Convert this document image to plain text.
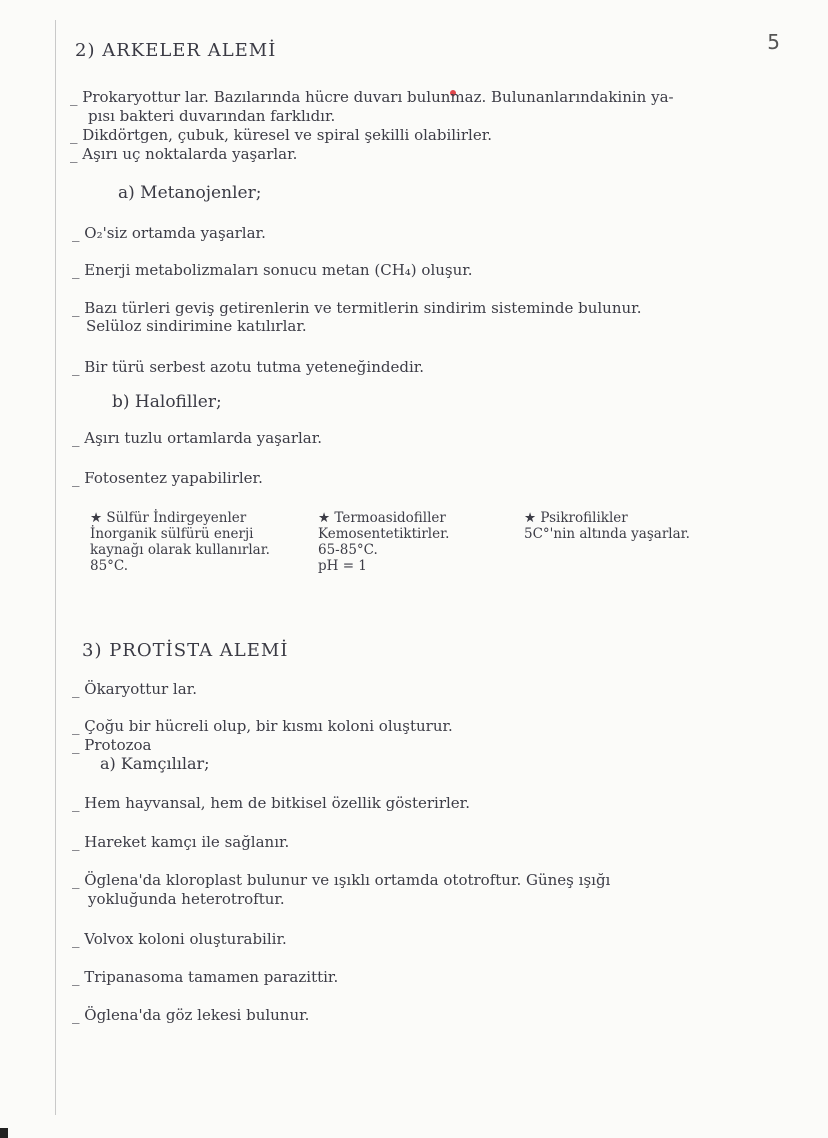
5
2) ARKELER ALEMİ
_ Prokaryottur lar. Bazılarında hücre duvarı bulunmaz. Bulunanlarındakinin ya-
pısı bakteri duvarından farklıdır.
_ Dikdörtgen, çubuk, küresel ve spiral şekilli olabilirler.
_ Aşırı uç noktalarda yaşarlar.
a) Metanojenler;
_ O₂'siz ortamda yaşarlar.
_ Enerji metabolizmaları sonucu metan (CH₄) oluşur.
_ Bazı türleri geviş getirenlerin ve termitlerin sindirim sisteminde bulunur.
Selüloz sindirimine katılırlar.
_ Bir türü serbest azotu tutma yeteneğindedir.
b) Halofiller;
_ Aşırı tuzlu ortamlarda yaşarlar.
_ Fotosentez yapabilirler.
★ Sülfür İndirgeyenler
İnorganik sülfürü enerji
kaynağı olarak kullanırlar.
85°C.
★ Termoasidofiller
Kemosentetiktirler.
65-85°C.
pH = 1
★ Psikrofilikler
5C°'nin altında yaşarlar.
3) PROTİSTA ALEMİ
_ Ökaryottur lar.
_ Çoğu bir hücreli olup, bir kısmı koloni oluşturur.
_ Protozoa
a) Kamçılılar;
_ Hem hayvansal, hem de bitkisel özellik gösterirler.
_ Hareket kamçı ile sağlanır.
_ Öglena'da kloroplast bulunur ve ışıklı ortamda ototroftur. Güneş ışığı
yokluğunda heterotroftur.
_ Volvox koloni oluşturabilir.
_ Tripanasoma tamamen parazittir.
_ Öglena'da göz lekesi bulunur.
